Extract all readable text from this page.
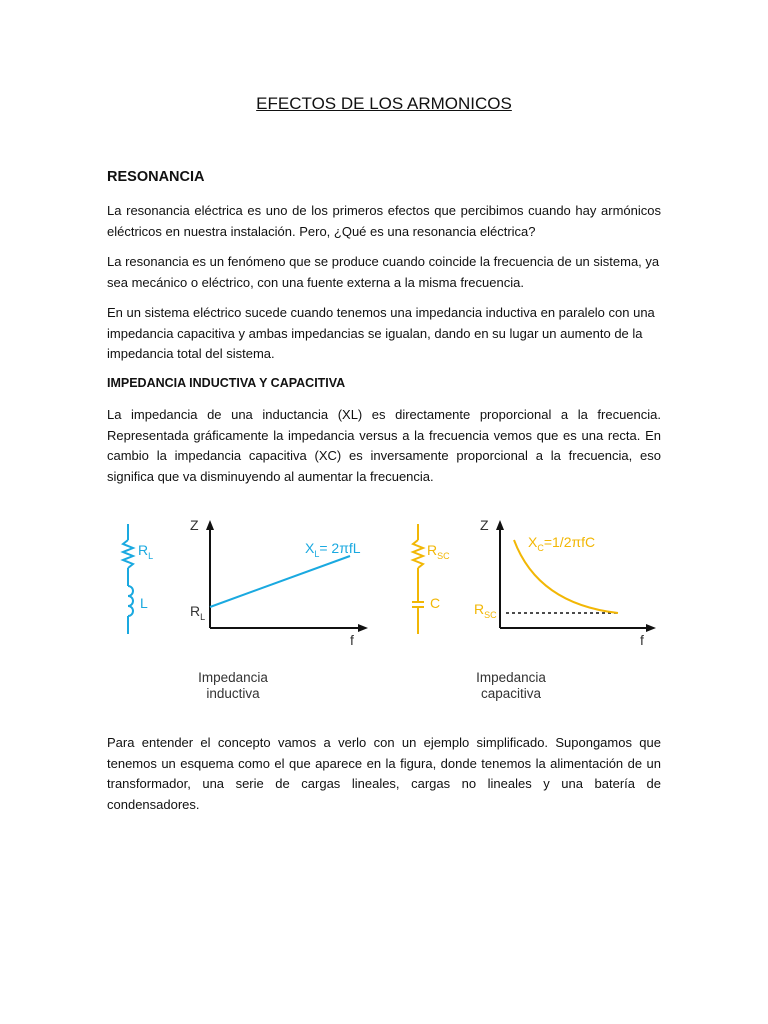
EFECTOS DE LOS ARMONICOS
RESONANCIA

La resonancia eléctrica es uno de los primeros efectos que percibimos cuando hay armónicos eléctricos en nuestra instalación. Pero, ¿Qué es una resonancia eléctrica?

La resonancia es un fenómeno que se produce cuando coincide la frecuencia de un sistema, ya sea mecánico o eléctrico, con una fuente externa a la misma frecuencia.

En un sistema eléctrico sucede cuando tenemos una impedancia inductiva en paralelo con una impedancia capacitiva y ambas impedancias se igualan, dando en su lugar un aumento de la impedancia total del sistema.

IMPEDANCIA INDUCTIVA Y CAPACITIVA

La impedancia de una inductancia (XL) es directamente proporcional a la frecuencia. Representada gráficamente la impedancia versus a la frecuencia vemos que es una recta. En cambio la impedancia capacitiva (XC) es inversamente proporcional a la frecuencia, eso significa que va disminuyendo al aumentar la frecuencia.

Para entender el concepto vamos a verlo con un ejemplo simplificado. Supongamos que tenemos un esquema como el que aparece en la figura, donde tenemos la alimentación de un transformador, una serie de cargas lineales, cargas no lineales y una batería de condensadores.

$R_L$
L
Z
f
$R_L$
$X_L= 2\pi fL$	$R_{SC}$
C
Z
f
$R_{SC}$
$X_C=1/2\pi fC$
Impedancia
inductiva
Impedancia
capacitiva
